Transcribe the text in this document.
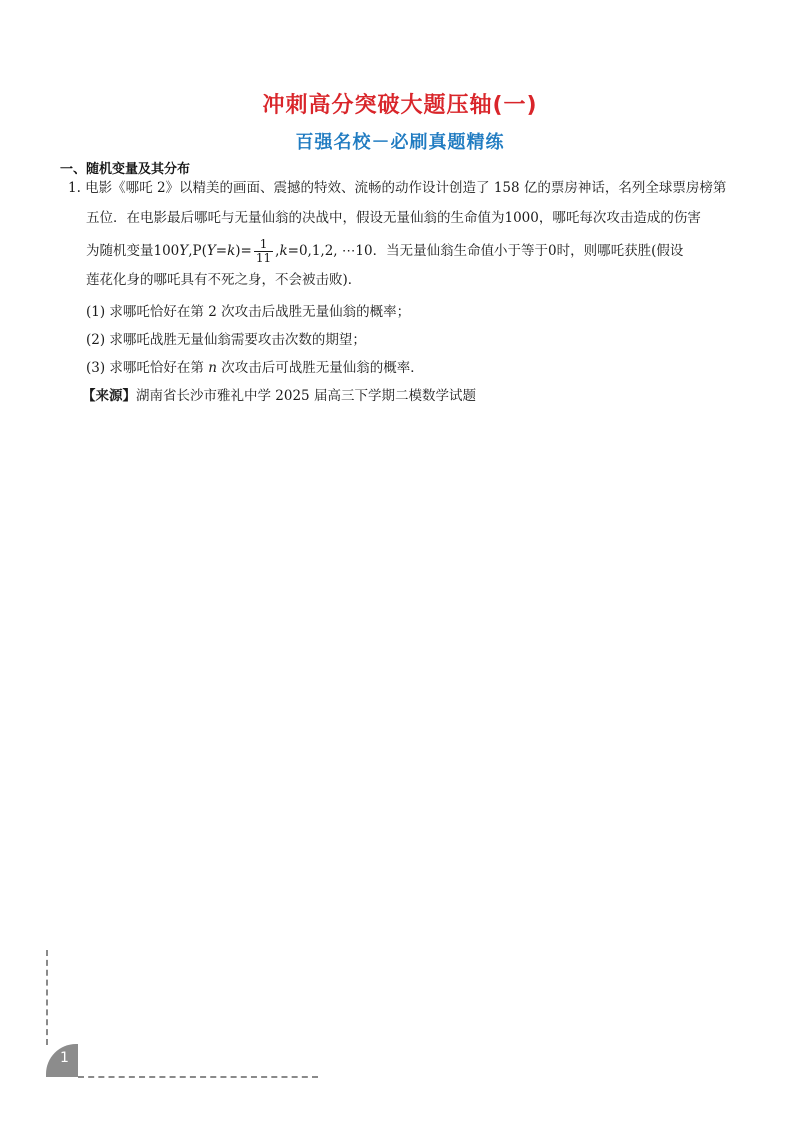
冲刺高分突破大题压轴(一)
百强名校－必刷真题精练
一、随机变量及其分布
1. 电影《哪吒 2》以精美的画面、震撼的特效、流畅的动作设计创造了 158 亿的票房神话，名列全球票房榜第
五位．在电影最后哪吒与无量仙翁的决战中，假设无量仙翁的生命值为1000，哪吒每次攻击造成的伤害
为随机变量$100Y,P(Y=k)= \frac{1}{11} ,k=0,1,2$, ⋯10．当无量仙翁生命值小于等于0时，则哪吒获胜(假设
莲花化身的哪吒具有不死之身，不会被击败)．
(1) 求哪吒恰好在第 2 次攻击后战胜无量仙翁的概率；
(2) 求哪吒战胜无量仙翁需要攻击次数的期望；
(3) 求哪吒恰好在第 n 次攻击后可战胜无量仙翁的概率．
【来源】湖南省长沙市雅礼中学 2025 届高三下学期二模数学试题
1
